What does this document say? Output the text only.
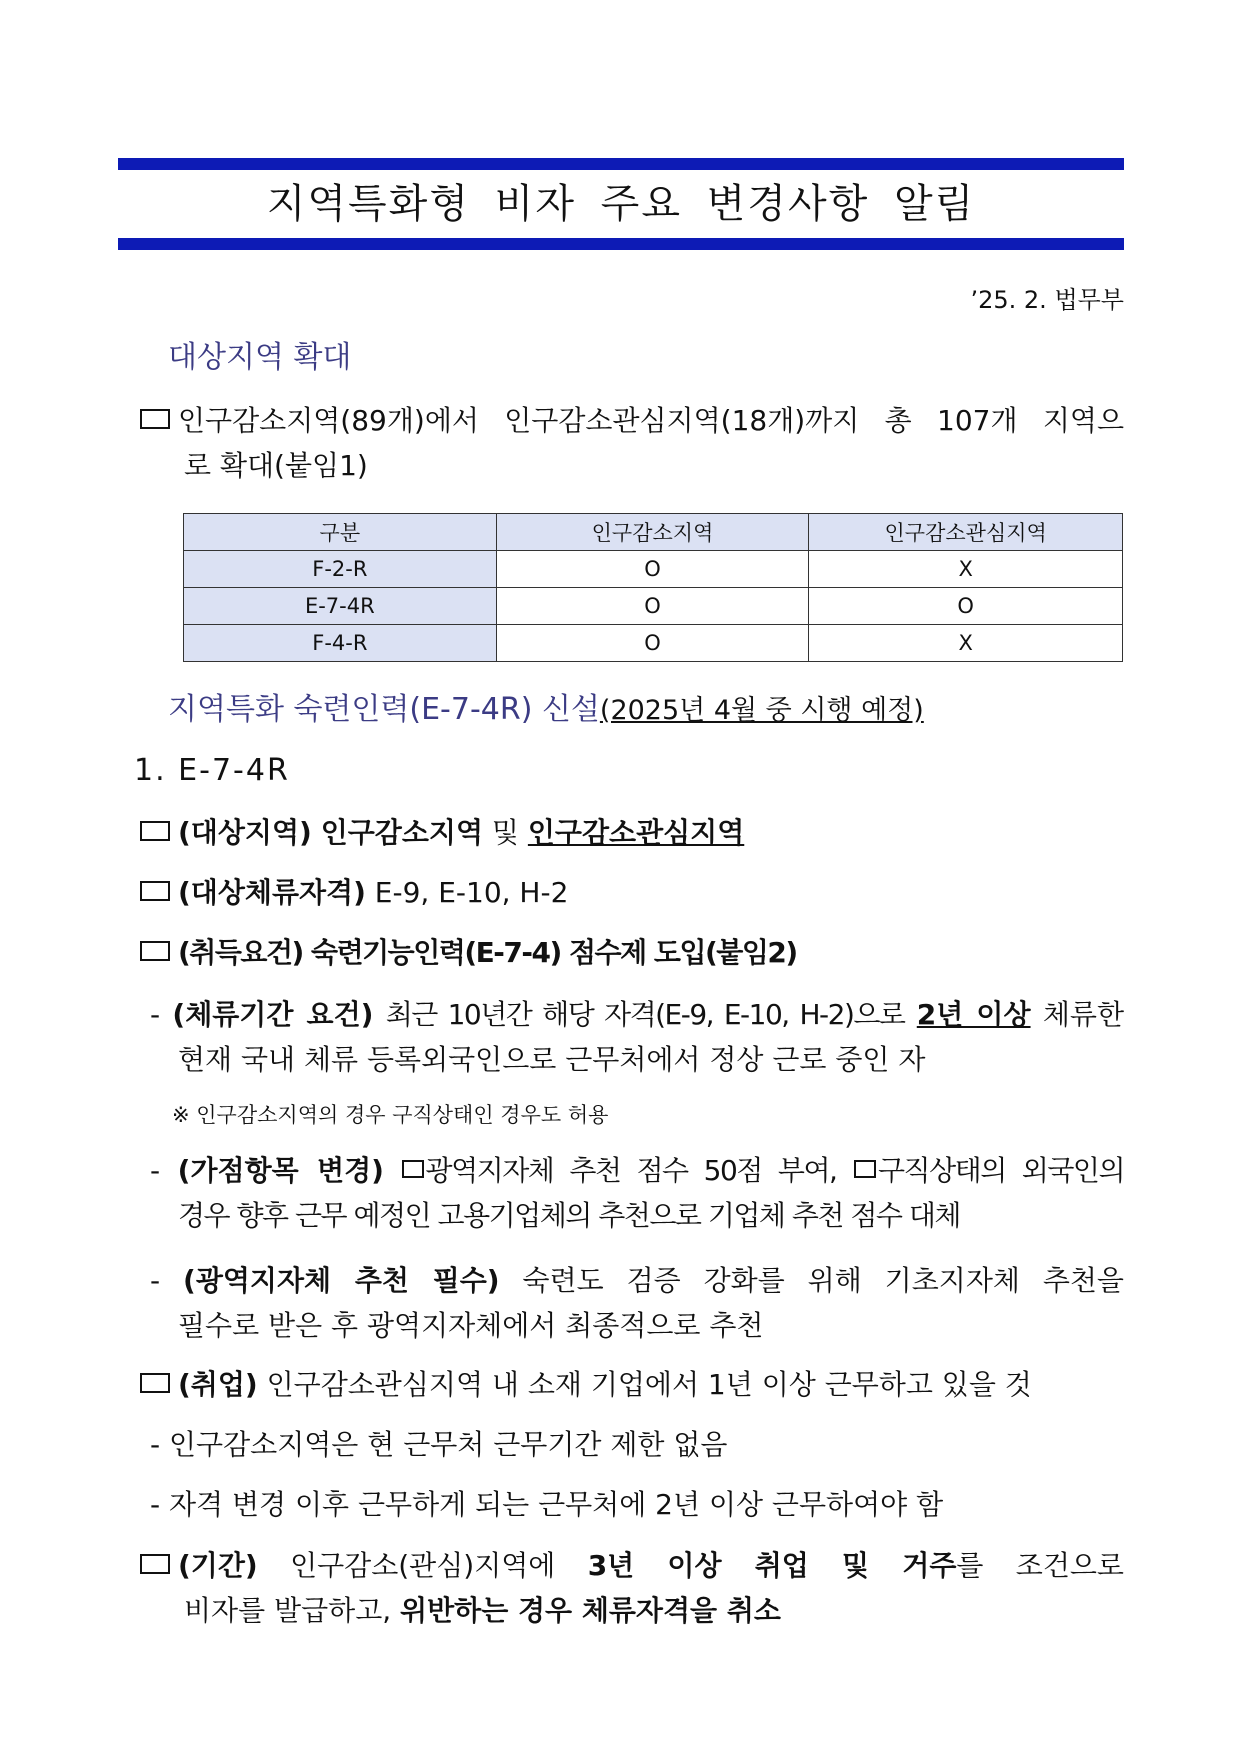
지역특화형 비자 주요 변경사항 알림
’25. 2. 법무부
대상지역 확대
인구감소지역(89개)에서 인구감소관심지역(18개)까지 총 107개 지역으
로 확대(붙임1)
구분	인구감소지역	인구감소관심지역
F-2-R	O	X
E-7-4R	O	O
F-4-R	O	X
지역특화 숙련인력(E-7-4R) 신설(2025년 4월 중 시행 예정)
1. E-7-4R
(대상지역) 인구감소지역 및 인구감소관심지역
(대상체류자격) E-9, E-10, H-2
(취득요건) 숙련기능인력(E-7-4) 점수제 도입(붙임2)
- (체류기간 요건) 최근 10년간 해당 자격(E-9, E-10, H-2)으로 2년 이상 체류한
현재 국내 체류 등록외국인으로 근무처에서 정상 근로 중인 자
※ 인구감소지역의 경우 구직상태인 경우도 허용
- (가점항목 변경) 광역지자체 추천 점수 50점 부여, 구직상태의 외국인의
경우 향후 근무 예정인 고용기업체의 추천으로 기업체 추천 점수 대체
- (광역지자체 추천 필수) 숙련도 검증 강화를 위해 기초지자체 추천을
필수로 받은 후 광역지자체에서 최종적으로 추천
(취업) 인구감소관심지역 내 소재 기업에서 1년 이상 근무하고 있을 것
- 인구감소지역은 현 근무처 근무기간 제한 없음
- 자격 변경 이후 근무하게 되는 근무처에 2년 이상 근무하여야 함
(기간) 인구감소(관심)지역에 3년 이상 취업 및 거주를 조건으로
비자를 발급하고, 위반하는 경우 체류자격을 취소
